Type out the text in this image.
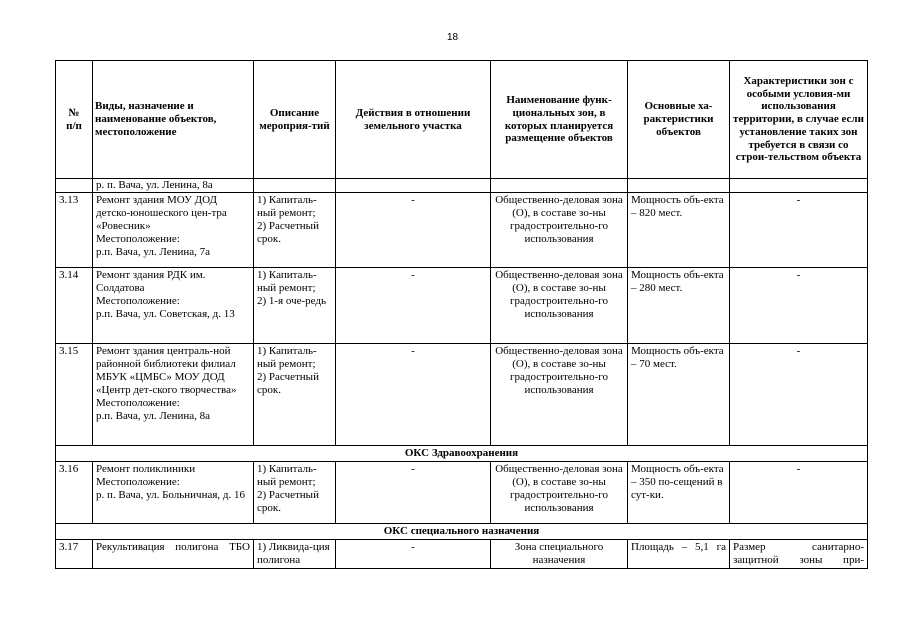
18
№
п/п	Виды, назначение и наименование объектов, местоположение	Описание мероприя-тий	Действия в отношении земельного участка	Наименование функ-циональных зон, в которых планируется размещение объектов	Основные ха-рактеристики объектов	Характеристики зон с особыми условия-ми использования территории, в случае если установление таких зон требуется в связи со строи-тельством объекта
	р. п. Вача, ул. Ленина, 8а					
3.13	Ремонт здания МОУ ДОД детско-юношеского цен-тра «Ровесник»
Местоположение:
р.п. Вача, ул. Ленина, 7а	1) Капиталь-ный ремонт;
2) Расчетный срок.	-	Общественно-деловая зона (О), в составе зо-ны градостроительно-го использования	Мощность объ-екта – 820 мест.	-
3.14	Ремонт здания РДК им. Солдатова
Местоположение:
р.п. Вача, ул. Советская, д. 13	1) Капиталь-ный ремонт;
2) 1-я оче-редь	-	Общественно-деловая зона (О), в составе зо-ны градостроительно-го использования	Мощность объ-екта – 280 мест.	-
3.15	Ремонт здания централь-ной районной библиотеки филиал МБУК «ЦМБС» МОУ ДОД «Центр дет-ского творчества»
Местоположение:
р.п. Вача, ул. Ленина, 8а	1) Капиталь-ный ремонт;
2) Расчетный срок.	-	Общественно-деловая зона (О), в составе зо-ны градостроительно-го использования	Мощность объ-екта – 70 мест.	-
ОКС Здравоохранения						
3.16	Ремонт поликлиники
Местоположение:
р. п. Вача, ул. Больничная, д. 16	1) Капиталь-ный ремонт;
2) Расчетный срок.	-	Общественно-деловая зона (О), в составе зо-ны градостроительно-го использования	Мощность объ-екта – 350 по-сещений в сут-ки.	-
ОКС специального назначения						
3.17	Рекультивация полигона ТБО	1) Ликвида-ция полигона	-	Зона специального назначения	Площадь – 5,1 га	Размер санитарно-защитной зоны при-
